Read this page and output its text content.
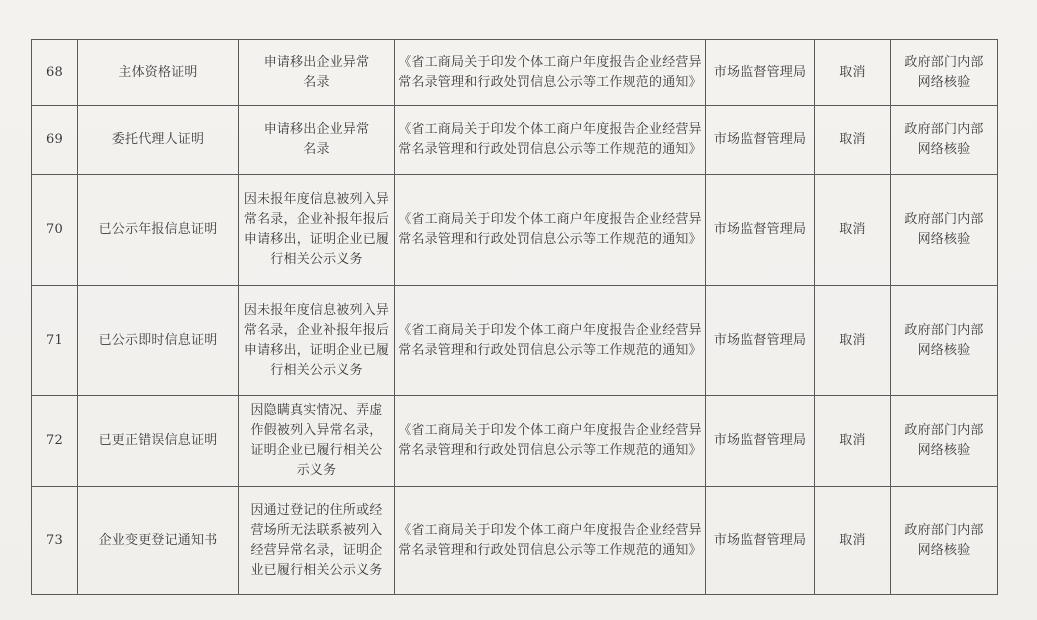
68	主体资格证明	申请移出企业异常名录	《省工商局关于印发个体工商户年度报告企业经营异常名录管理和行政处罚信息公示等工作规范的通知》	市场监督管理局	取消	政府部门内部网络核验
69	委托代理人证明	申请移出企业异常名录	《省工商局关于印发个体工商户年度报告企业经营异常名录管理和行政处罚信息公示等工作规范的通知》	市场监督管理局	取消	政府部门内部网络核验
70	已公示年报信息证明	因未报年度信息被列入异常名录，企业补报年报后申请移出，证明企业已履行相关公示义务	《省工商局关于印发个体工商户年度报告企业经营异常名录管理和行政处罚信息公示等工作规范的通知》	市场监督管理局	取消	政府部门内部网络核验
71	已公示即时信息证明	因未报年度信息被列入异常名录，企业补报年报后申请移出，证明企业已履行相关公示义务	《省工商局关于印发个体工商户年度报告企业经营异常名录管理和行政处罚信息公示等工作规范的通知》	市场监督管理局	取消	政府部门内部网络核验
72	已更正错误信息证明	因隐瞒真实情况、弄虚作假被列入异常名录，证明企业已履行相关公示义务	《省工商局关于印发个体工商户年度报告企业经营异常名录管理和行政处罚信息公示等工作规范的通知》	市场监督管理局	取消	政府部门内部网络核验
73	企业变更登记通知书	因通过登记的住所或经营场所无法联系被列入经营异常名录，证明企业已履行相关公示义务	《省工商局关于印发个体工商户年度报告企业经营异常名录管理和行政处罚信息公示等工作规范的通知》	市场监督管理局	取消	政府部门内部网络核验
